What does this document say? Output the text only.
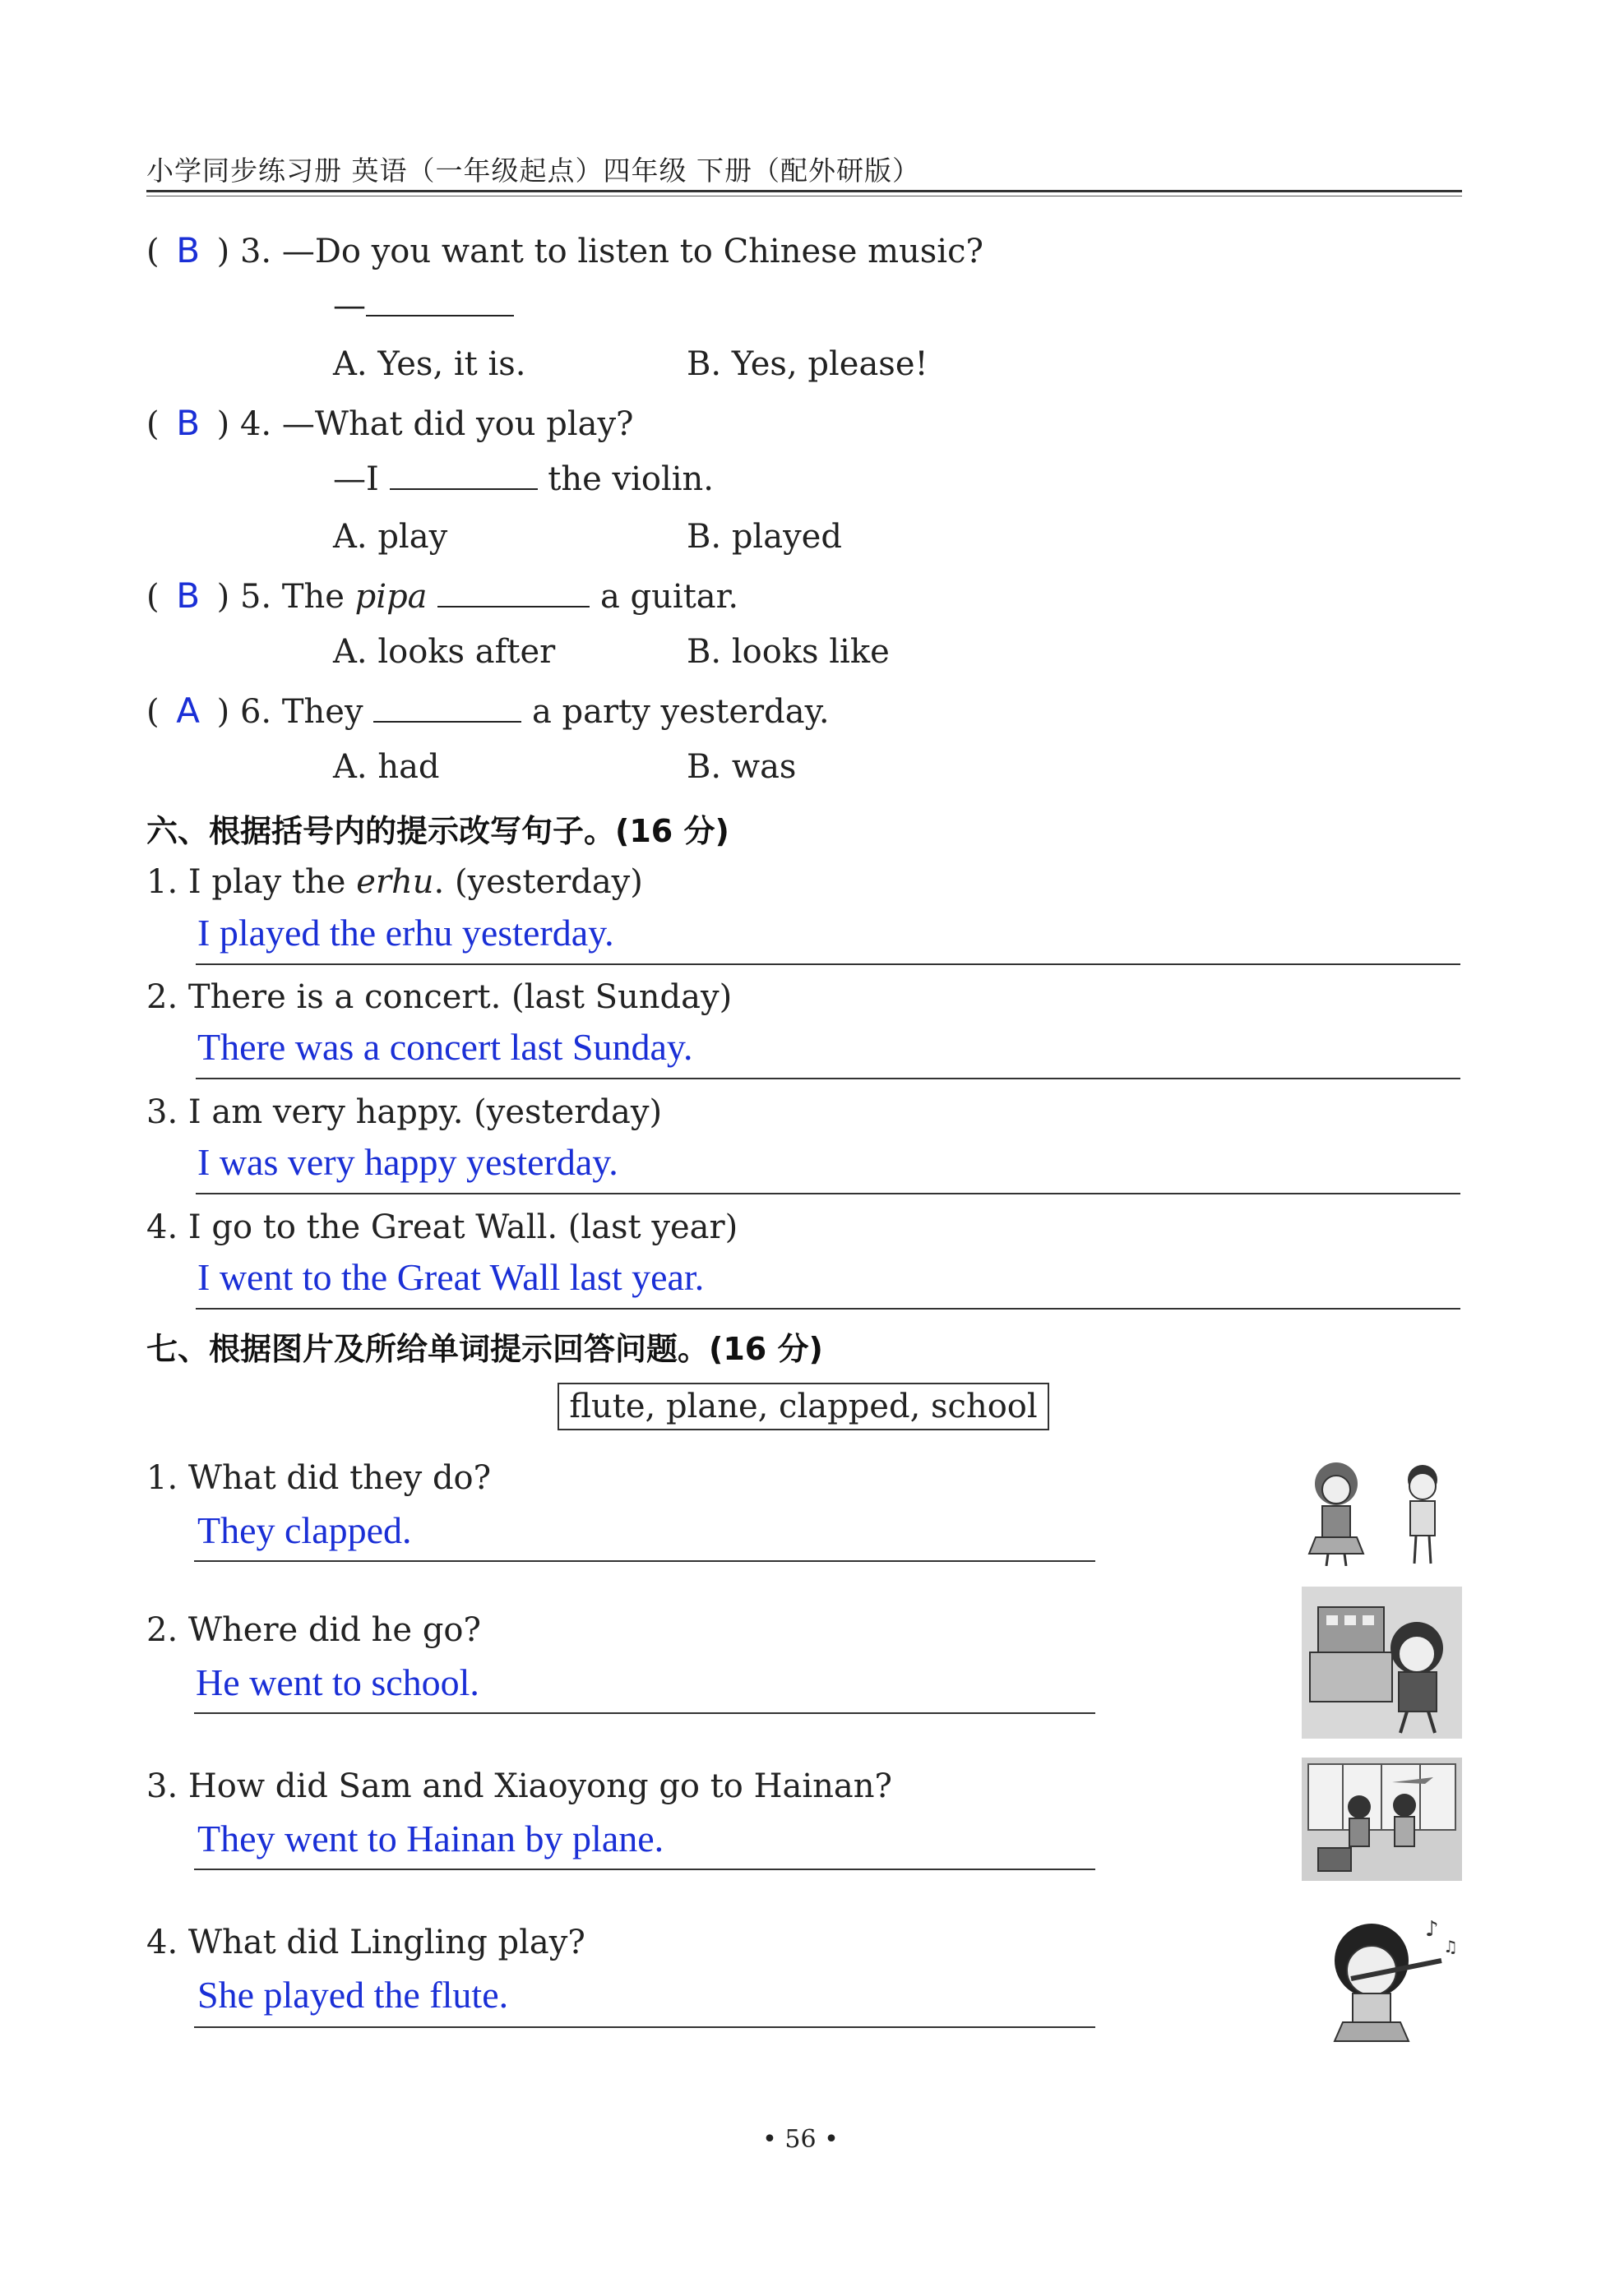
小学同步练习册 英语（一年级起点）四年级 下册（配外研版）
( B ) 3. —Do you want to listen to Chinese music?
—
A. Yes, it is.	B. Yes, please!
( B ) 4. —What did you play?
—I	the violin.
A. play	B. played
( B ) 5. The pipa	a guitar.
A. looks after	B. looks like
( A ) 6. They	a party yesterday.
A. had	B. was
六、根据括号内的提示改写句子。(16 分)
1. I play the erhu. (yesterday)
I played the erhu yesterday.
2. There is a concert. (last Sunday)
There was a concert last Sunday.
3. I am very happy. (yesterday)
I was very happy yesterday.
4. I go to the Great Wall. (last year)
I went to the Great Wall last year.
七、根据图片及所给单词提示回答问题。(16 分)
flute, plane, clapped, school
1. What did they do?
They clapped.
2. Where did he go?
He went to school.
3. How did Sam and Xiaoyong go to Hainan?
They went to Hainan by plane.
4. What did Lingling play?
She played the flute.
♪
♫
• 56 •
